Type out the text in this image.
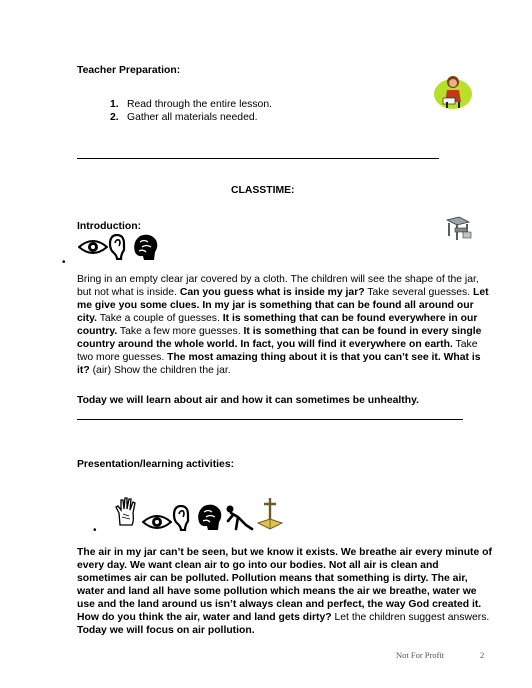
Teacher Preparation:
1. Read through the entire lesson.
2. Gather all materials needed.
CLASSTIME:
Introduction:
•
Bring in an empty clear jar covered by a cloth. The children will see the shape of the jar, but not what is inside. Can you guess what is inside my jar? Take several guesses. Let me give you some clues. In my jar is something that can be found all around our city. Take a couple of guesses. It is something that can be found everywhere in our country. Take a few more guesses. It is something that can be found in every single country around the whole world. In fact, you will find it everywhere on earth. Take two more guesses. The most amazing thing about it is that you can’t see it. What is it? (air) Show the children the jar.
Today we will learn about air and how it can sometimes be unhealthy.
Presentation/learning activities:
•
The air in my jar can’t be seen, but we know it exists. We breathe air every minute of every day. We want clean air to go into our bodies. Not all air is clean and sometimes air can be polluted. Pollution means that something is dirty. The air, water and land all have some pollution which means the air we breathe, water we use and the land around us isn’t always clean and perfect, the way God created it. How do you think the air, water and land gets dirty? Let the children suggest answers. Today we will focus on air pollution.
Not For Profit	2
